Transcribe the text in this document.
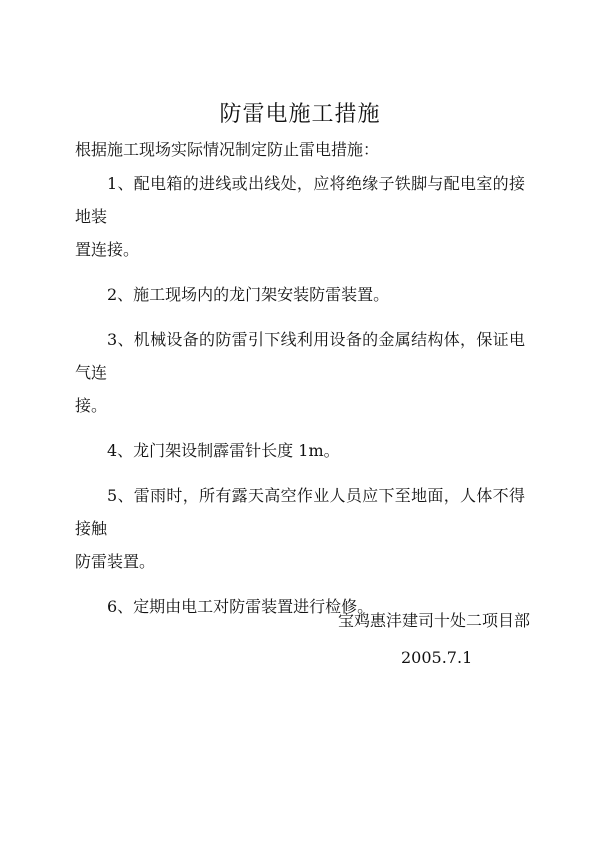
防雷电施工措施
根据施工现场实际情况制定防止雷电措施：
1、配电箱的进线或出线处，应将绝缘子铁脚与配电室的接地装
置连接。
2、施工现场内的龙门架安装防雷装置。
3、机械设备的防雷引下线利用设备的金属结构体，保证电气连
接。
4、龙门架设制霹雷针长度 1m。
5、雷雨时，所有露天高空作业人员应下至地面，人体不得接触
防雷装置。
6、定期由电工对防雷装置进行检修。
宝鸡惠沣建司十处二项目部
2005.7.1
